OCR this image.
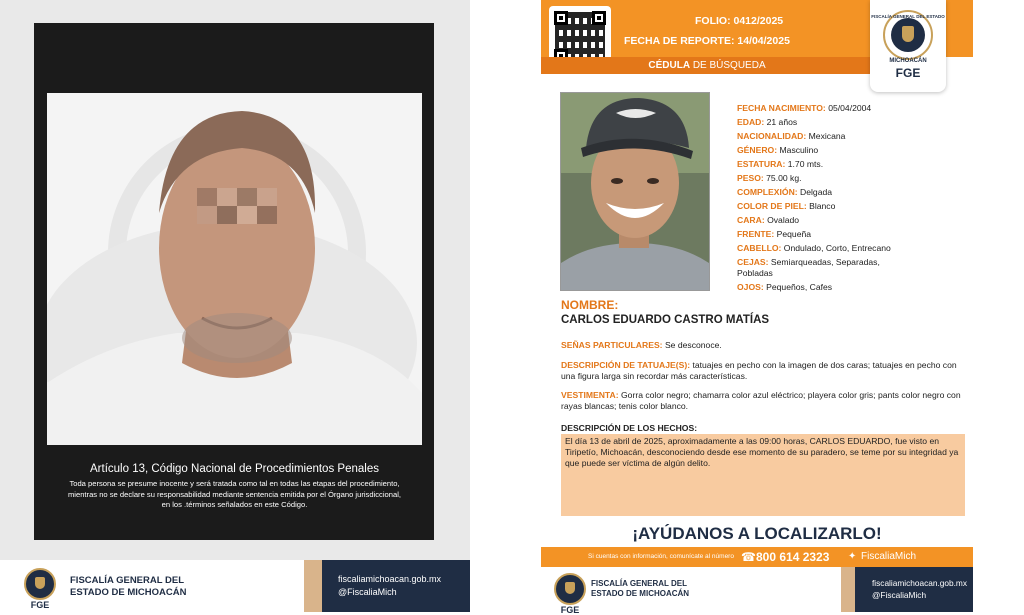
Artículo 13, Código Nacional de Procedimientos Penales
Toda persona se presume inocente y será tratada como tal en todas las etapas del procedimiento, mientras no se declare su responsabilidad mediante sentencia emitida por el Órgano jurisdiccional, en los .términos señalados en este Código.
FGE
FISCALÍA GENERAL DEL
ESTADO DE MICHOACÁN
fiscaliamichoacan.gob.mx
@FiscaliaMich
FOLIO: 0412/2025
FECHA DE REPORTE: 14/04/2025
CÉDULA DE BÚSQUEDA
FISCALÍA GENERAL DEL ESTADO
MICHOACÁN
FGE
FECHA NACIMIENTO: 05/04/2004
EDAD: 21 años
NACIONALIDAD: Mexicana
GÉNERO: Masculino
ESTATURA: 1.70 mts.
PESO: 75.00 kg.
COMPLEXIÓN: Delgada
COLOR DE PIEL: Blanco
CARA: Ovalado
FRENTE: Pequeña
CABELLO: Ondulado, Corto, Entrecano
CEJAS: Semiarqueadas, Separadas,
Pobladas
OJOS: Pequeños, Cafes
NOMBRE:
CARLOS EDUARDO CASTRO MATÍAS
SEÑAS PARTICULARES: Se desconoce.
DESCRIPCIÓN DE TATUAJE(S): tatuajes en pecho con la imagen de dos caras; tatuajes en pecho con una figura larga sin recordar más características.
VESTIMENTA: Gorra color negro; chamarra color azul eléctrico; playera color gris; pants color negro con rayas blancas; tenis color blanco.
DESCRIPCIÓN DE LOS HECHOS:
El día 13 de abril de 2025, aproximadamente a las 09:00 horas, CARLOS EDUARDO, fue visto en Tiripetío, Michoacán, desconociendo desde ese momento de su paradero, se teme por su integridad ya que puede ser víctima de algún delito.
¡AYÚDANOS A LOCALIZARLO!
Si cuentas con información, comunícate al número ☎ 800 614 2323 ✦ FiscaliaMich
FGE
FISCALÍA GENERAL DEL
ESTADO DE MICHOACÁN
fiscaliamichoacan.gob.mx
@FiscaliaMich
